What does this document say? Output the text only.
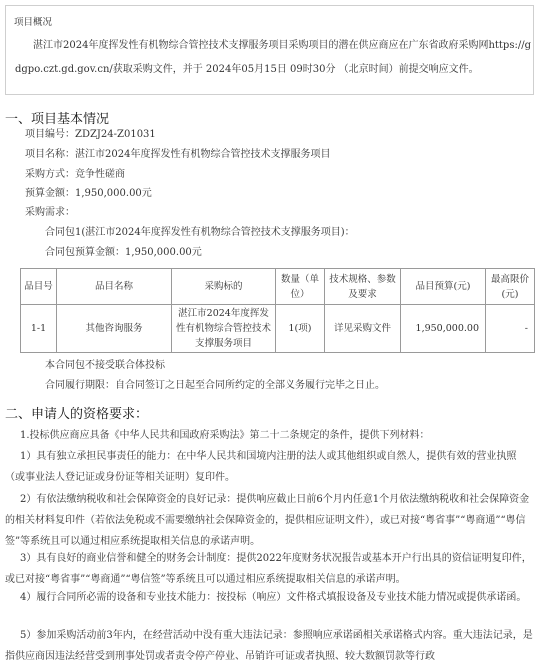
项目概况
湛江市2024年度挥发性有机物综合管控技术支撑服务项目采购项目的潜在供应商应在广东省政府采购网https://gdgpo.czt.gd.gov.cn/获取采购文件，并于 2024年05月15日 09时30分 （北京时间）前提交响应文件。
一、项目基本情况
项目编号：ZDZJ24-Z01031
项目名称：湛江市2024年度挥发性有机物综合管控技术支撑服务项目
采购方式：竞争性磋商
预算金额：1,950,000.00元
采购需求：
合同包1(湛江市2024年度挥发性有机物综合管控技术支撑服务项目)：
合同包预算金额：1,950,000.00元
品目号	品目名称	采购标的	数量（单位）	技术规格、参数及要求	品目预算(元)	最高限价(元)
1-1	其他咨询服务	湛江市2024年度挥发性有机物综合管控技术支撑服务项目	1(项)	详见采购文件	1,950,000.00	-
本合同包不接受联合体投标
合同履行期限：自合同签订之日起至合同所约定的全部义务履行完毕之日止。
二、申请人的资格要求：
1.投标供应商应具备《中华人民共和国政府采购法》第二十二条规定的条件，提供下列材料：
1）具有独立承担民事责任的能力：在中华人民共和国境内注册的法人或其他组织或自然人，提供有效的营业执照（或事业法人登记证或身份证等相关证明）复印件。
2）有依法缴纳税收和社会保障资金的良好记录：提供响应截止日前6个月内任意1个月依法缴纳税收和社会保障资金的相关材料复印件（若依法免税或不需要缴纳社会保障资金的，提供相应证明文件），或已对接“粤省事”“粤商通”“粤信签”等系统且可以通过相应系统提取相关信息的承诺声明。
3）具有良好的商业信誉和健全的财务会计制度：提供2022年度财务状况报告或基本开户行出具的资信证明复印件，或已对接“粤省事”“粤商通”“粤信签”等系统且可以通过相应系统提取相关信息的承诺声明。
4）履行合同所必需的设备和专业技术能力：按投标（响应）文件格式填报设备及专业技术能力情况或提供承诺函。
5）参加采购活动前3年内，在经营活动中没有重大违法记录：参照响应承诺函相关承诺格式内容。重大违法记录，是指供应商因违法经营受到刑事处罚或者责令停产停业、吊销许可证或者执照、较大数额罚款等行政
